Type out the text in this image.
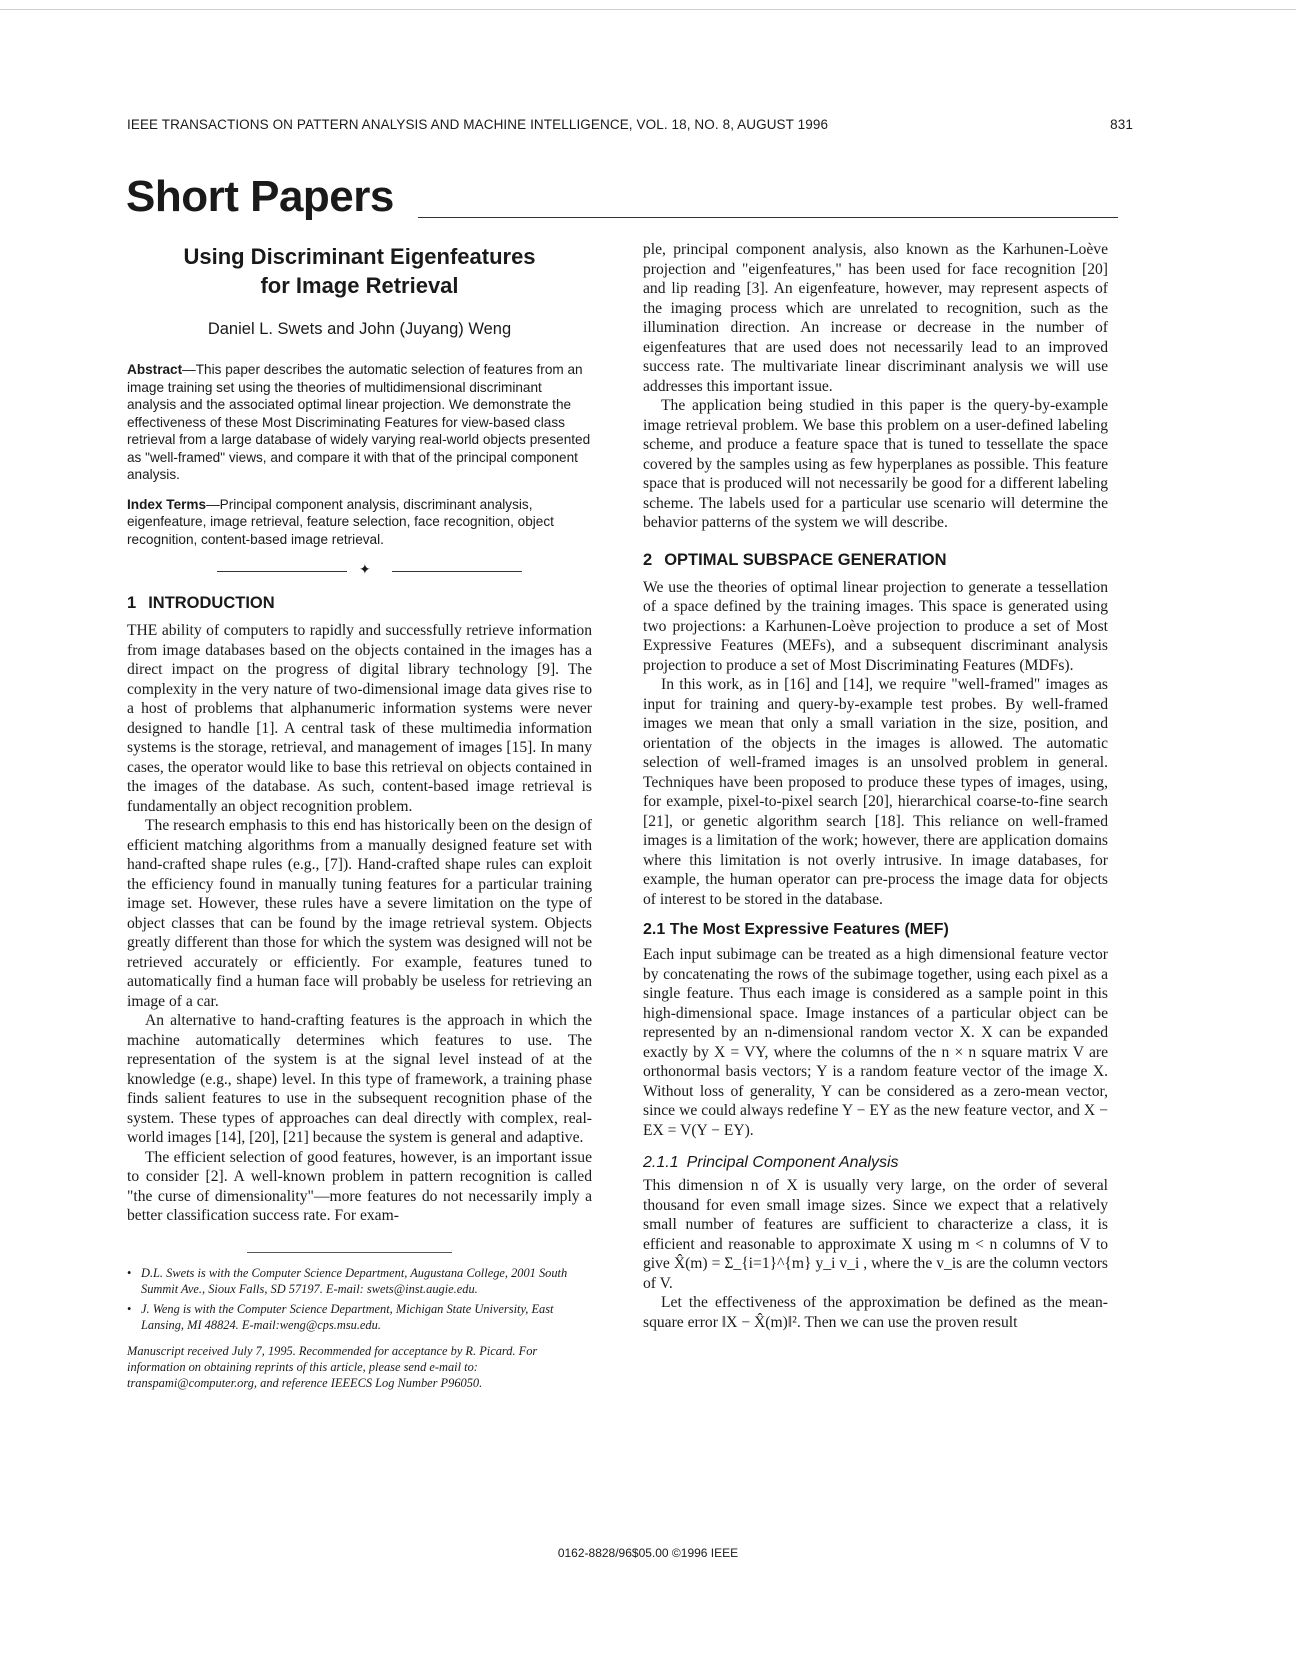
IEEE TRANSACTIONS ON PATTERN ANALYSIS AND MACHINE INTELLIGENCE, VOL. 18, NO. 8, AUGUST 1996	831
Short Papers
Using Discriminant Eigenfeatures
for Image Retrieval
Daniel L. Swets and John (Juyang) Weng

Abstract—This paper describes the automatic selection of features from an image training set using the theories of multidimensional discriminant analysis and the associated optimal linear projection. We demonstrate the effectiveness of these Most Discriminating Features for view-based class retrieval from a large database of widely varying real-world objects presented as "well-framed" views, and compare it with that of the principal component analysis.

Index Terms—Principal component analysis, discriminant analysis, eigenfeature, image retrieval, feature selection, face recognition, object recognition, content-based image retrieval.

✦
1 INTRODUCTION

THE ability of computers to rapidly and successfully retrieve information from image databases based on the objects contained in the images has a direct impact on the progress of digital library technology [9]. The complexity in the very nature of two-dimensional image data gives rise to a host of problems that alphanumeric information systems were never designed to handle [1]. A central task of these multimedia information systems is the storage, retrieval, and management of images [15]. In many cases, the operator would like to base this retrieval on objects contained in the images of the database. As such, content-based image retrieval is fundamentally an object recognition problem.

The research emphasis to this end has historically been on the design of efficient matching algorithms from a manually designed feature set with hand-crafted shape rules (e.g., [7]). Hand-crafted shape rules can exploit the efficiency found in manually tuning features for a particular training image set. However, these rules have a severe limitation on the type of object classes that can be found by the image retrieval system. Objects greatly different than those for which the system was designed will not be retrieved accurately or efficiently. For example, features tuned to automatically find a human face will probably be useless for retrieving an image of a car.

An alternative to hand-crafting features is the approach in which the machine automatically determines which features to use. The representation of the system is at the signal level instead of at the knowledge (e.g., shape) level. In this type of framework, a training phase finds salient features to use in the subsequent recognition phase of the system. These types of approaches can deal directly with complex, real-world images [14], [20], [21] because the system is general and adaptive.

The efficient selection of good features, however, is an important issue to consider [2]. A well-known problem in pattern recognition is called "the curse of dimensionality"—more features do not necessarily imply a better classification success rate. For exam-

• D.L. Swets is with the Computer Science Department, Augustana College, 2001 South Summit Ave., Sioux Falls, SD 57197. E-mail: swets@inst.augie.edu.

• J. Weng is with the Computer Science Department, Michigan State University, East Lansing, MI 48824. E-mail:weng@cps.msu.edu.

Manuscript received July 7, 1995. Recommended for acceptance by R. Picard. For information on obtaining reprints of this article, please send e-mail to: transpami@computer.org, and reference IEEECS Log Number P96050.

ple, principal component analysis, also known as the Karhunen-Loève projection and "eigenfeatures," has been used for face recognition [20] and lip reading [3]. An eigenfeature, however, may represent aspects of the imaging process which are unrelated to recognition, such as the illumination direction. An increase or decrease in the number of eigenfeatures that are used does not necessarily lead to an improved success rate. The multivariate linear discriminant analysis we will use addresses this important issue.

The application being studied in this paper is the query-by-example image retrieval problem. We base this problem on a user-defined labeling scheme, and produce a feature space that is tuned to tessellate the space covered by the samples using as few hyperplanes as possible. This feature space that is produced will not necessarily be good for a different labeling scheme. The labels used for a particular use scenario will determine the behavior patterns of the system we will describe.

2 OPTIMAL SUBSPACE GENERATION

We use the theories of optimal linear projection to generate a tessellation of a space defined by the training images. This space is generated using two projections: a Karhunen-Loève projection to produce a set of Most Expressive Features (MEFs), and a subsequent discriminant analysis projection to produce a set of Most Discriminating Features (MDFs).

In this work, as in [16] and [14], we require "well-framed" images as input for training and query-by-example test probes. By well-framed images we mean that only a small variation in the size, position, and orientation of the objects in the images is allowed. The automatic selection of well-framed images is an unsolved problem in general. Techniques have been proposed to produce these types of images, using, for example, pixel-to-pixel search [20], hierarchical coarse-to-fine search [21], or genetic algorithm search [18]. This reliance on well-framed images is a limitation of the work; however, there are application domains where this limitation is not overly intrusive. In image databases, for example, the human operator can pre-process the image data for objects of interest to be stored in the database.

2.1 The Most Expressive Features (MEF)

Each input subimage can be treated as a high dimensional feature vector by concatenating the rows of the subimage together, using each pixel as a single feature. Thus each image is considered as a sample point in this high-dimensional space. Image instances of a particular object can be represented by an n-dimensional random vector X. X can be expanded exactly by X = VY, where the columns of the n × n square matrix V are orthonormal basis vectors; Y is a random feature vector of the image X. Without loss of generality, Y can be considered as a zero-mean vector, since we could always redefine Y − EY as the new feature vector, and X − EX = V(Y − EY).

2.1.1 Principal Component Analysis

This dimension n of X is usually very large, on the order of several thousand for even small image sizes. Since we expect that a relatively small number of features are sufficient to characterize a class, it is efficient and reasonable to approximate X using m < n columns of V to give X̂(m) = Σ_{i=1}^{m} y_i v_i , where the v_is are the column vectors of V.

Let the effectiveness of the approximation be defined as the mean-square error ‖X − X̂(m)‖². Then we can use the proven result

0162-8828/96$05.00 ©1996 IEEE
